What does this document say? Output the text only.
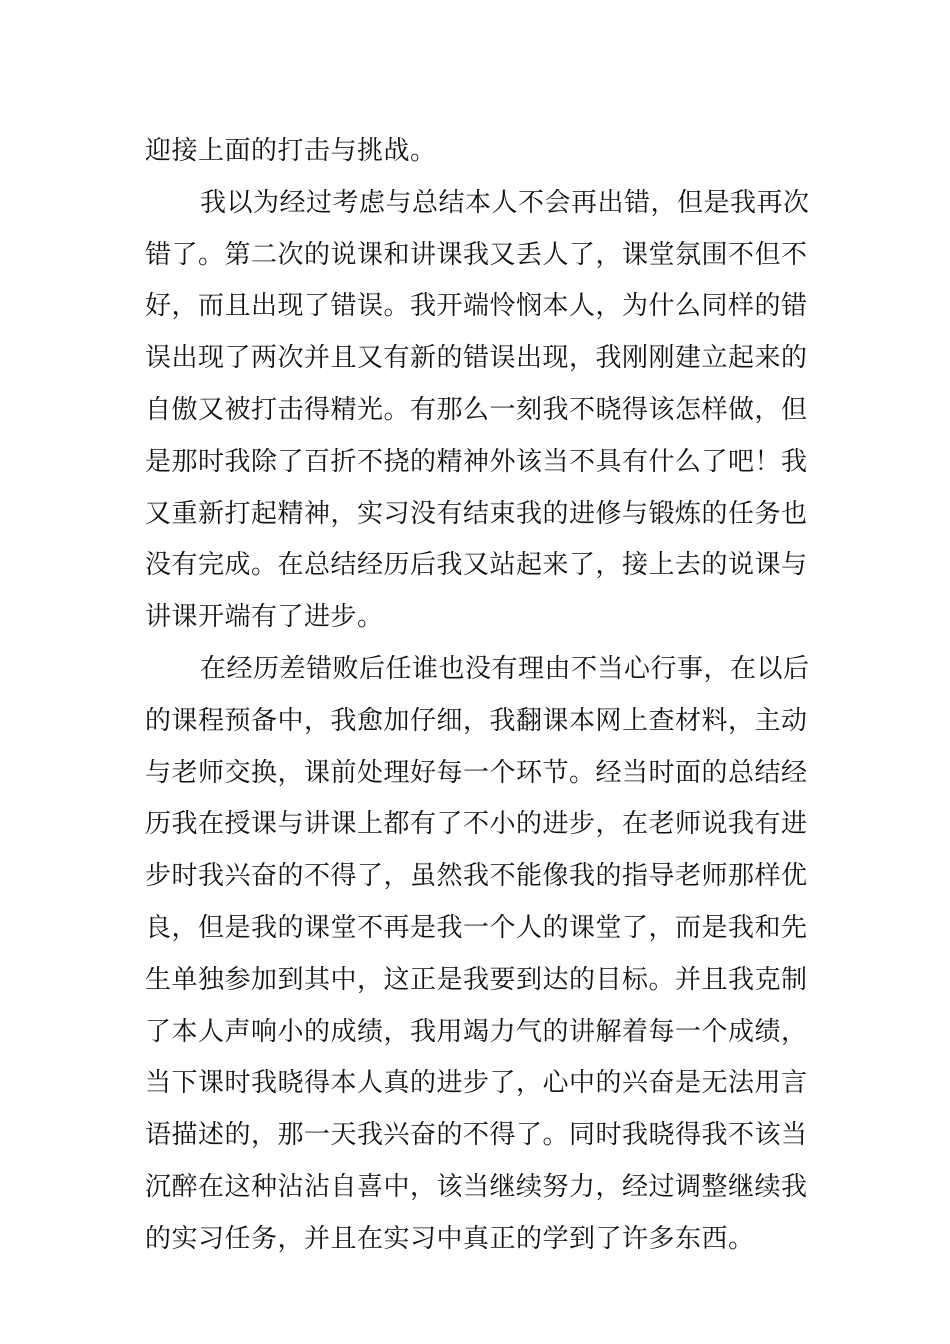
迎接上面的打击与挑战。
我以为经过考虑与总结本人不会再出错，但是我再次
错了。第二次的说课和讲课我又丢人了，课堂氛围不但不
好，而且出现了错误。我开端怜悯本人，为什么同样的错
误出现了两次并且又有新的错误出现，我刚刚建立起来的
自傲又被打击得精光。有那么一刻我不晓得该怎样做，但
是那时我除了百折不挠的精神外该当不具有什么了吧！我
又重新打起精神，实习没有结束我的进修与锻炼的任务也
没有完成。在总结经历后我又站起来了，接上去的说课与
讲课开端有了进步。
在经历差错败后任谁也没有理由不当心行事，在以后
的课程预备中，我愈加仔细，我翻课本网上查材料，主动
与老师交换，课前处理好每一个环节。经当时面的总结经
历我在授课与讲课上都有了不小的进步，在老师说我有进
步时我兴奋的不得了，虽然我不能像我的指导老师那样优
良，但是我的课堂不再是我一个人的课堂了，而是我和先
生单独参加到其中，这正是我要到达的目标。并且我克制
了本人声响小的成绩，我用竭力气的讲解着每一个成绩，
当下课时我晓得本人真的进步了，心中的兴奋是无法用言
语描述的，那一天我兴奋的不得了。同时我晓得我不该当
沉醉在这种沾沾自喜中，该当继续努力，经过调整继续我
的实习任务，并且在实习中真正的学到了许多东西。
